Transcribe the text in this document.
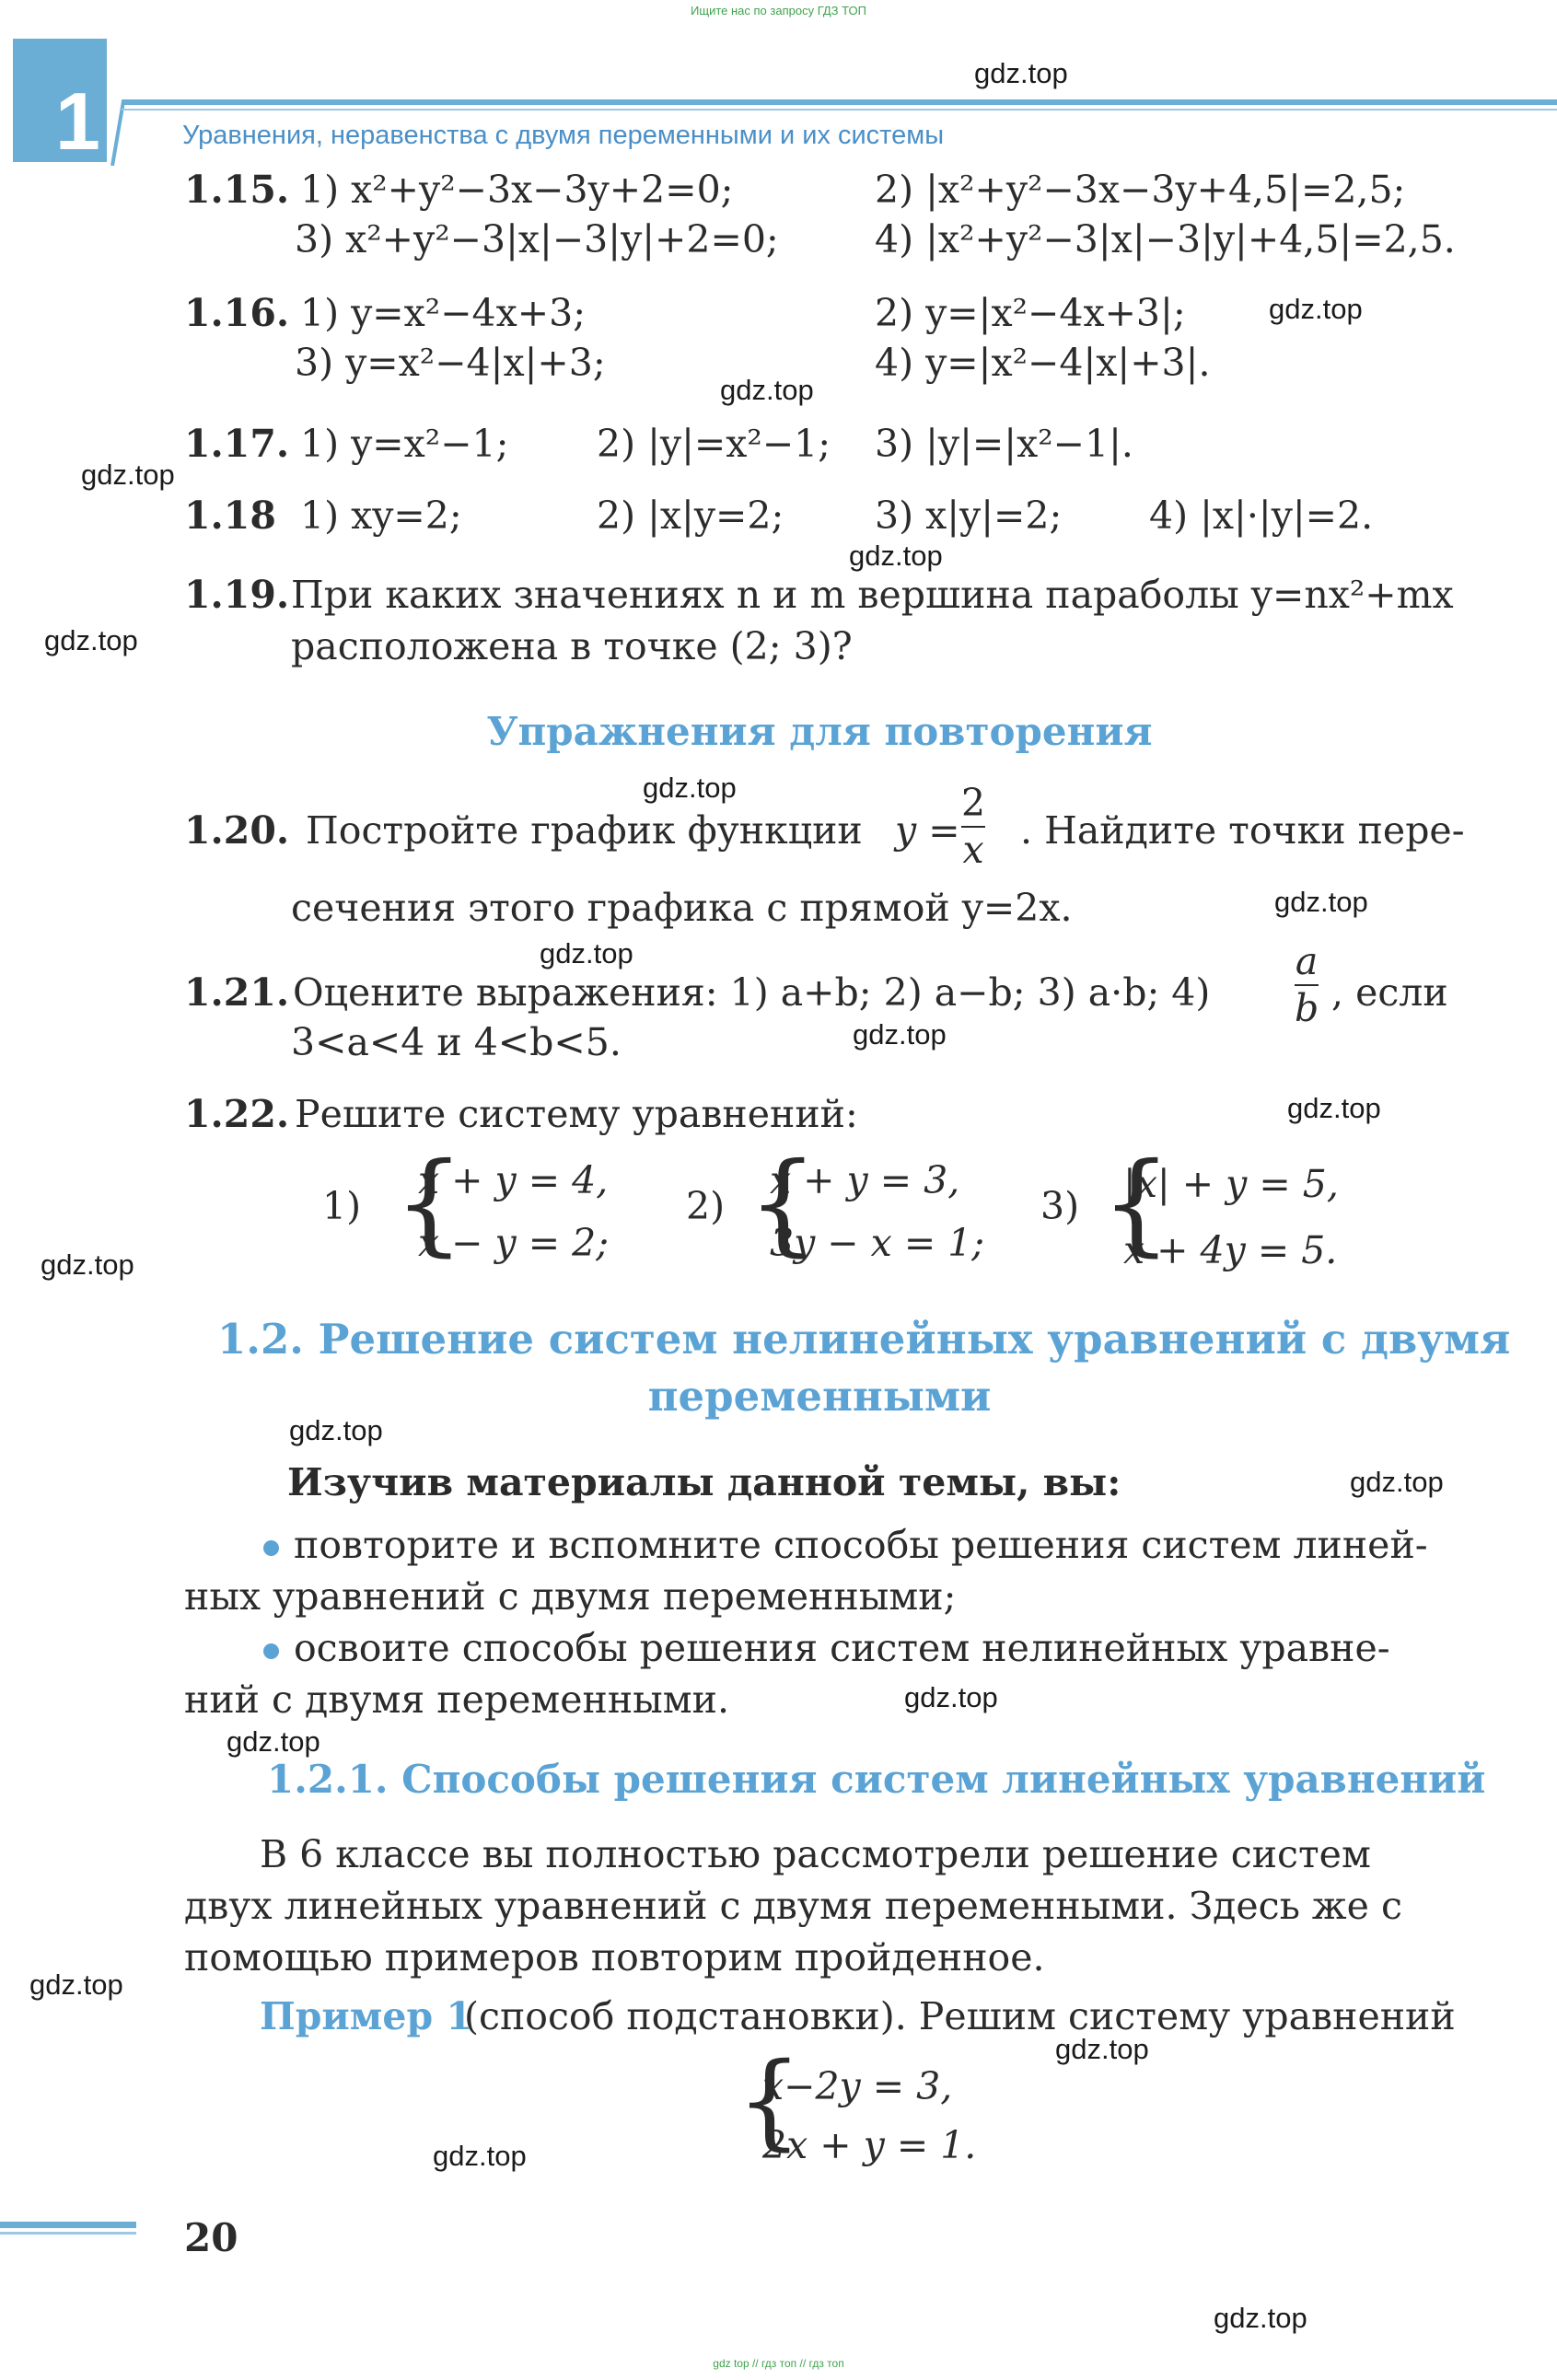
Ищите нас по запросу ГДЗ ТОП
1	Уравнения, неравенства с двумя переменными и их системы
1.15. 1) x²+y²−3x−3y+2=0;	2) |x²+y²−3x−3y+4,5|=2,5;
3) x²+y²−3|x|−3|y|+2=0;	4) |x²+y²−3|x|−3|y|+4,5|=2,5.
1.16. 1) y=x²−4x+3;	2) y=|x²−4x+3|;
3) y=x²−4|x|+3;	4) y=|x²−4|x|+3|.
1.17. 1) y=x²−1; 2) |y|=x²−1; 3) |y|=|x²−1|.
1.18 1) xy=2;	2) |x|y=2; 3) x|y|=2; 4) |x|·|y|=2.
1.19. При каких значениях n и m вершина параболы y=nx²+mx
расположена в точке (2; 3)?
Упражнения для повторения
1.20. Постройте график функции y =
2
x . Найдите точки пере-
сечения этого графика с прямой y=2x.
1.21. Оцените выражения: 1) a+b; 2) a−b; 3) a·b; 4)
a
b , если
3<a<4 и 4<b<5.
1.22. Решите систему уравнений:
1) {
x + y = 4,
x − y = 2;
2) {
x + y = 3,
3y − x = 1;
3) {
|x| + y = 5,
x + 4y = 5.
1.2. Решение систем нелинейных уравнений с двумя
переменными
Изучив материалы данной темы, вы:
повторите и вспомните способы решения систем линей-
ных уравнений с двумя переменными;
освоите способы решения систем нелинейных уравне-
ний с двумя переменными.
1.2.1. Способы решения систем линейных уравнений
В 6 классе вы полностью рассмотрели решение систем
двух линейных уравнений с двумя переменными. Здесь же с
помощью примеров повторим пройденное.
Пример 1
(способ подстановки). Решим систему уравнений
{
x−2y = 3,
2x + y = 1.
20
gdz.top
gdz.top
gdz.top
gdz.top
gdz.top
gdz.top
gdz.top
gdz.top
gdz.top
gdz.top
gdz.top
gdz.top
gdz.top
gdz.top
gdz.top
gdz.top
gdz.top
gdz.top
gdz.top
gdz.top
gdz top // гдз топ // гдз топ
